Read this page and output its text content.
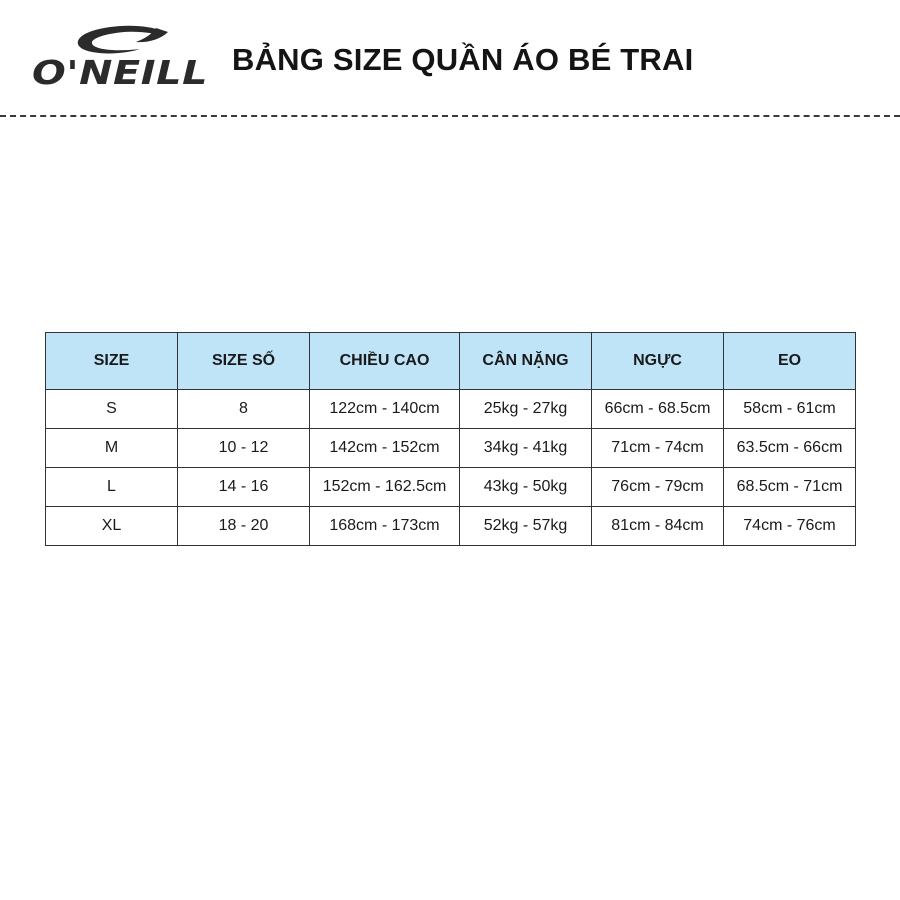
O'NEILL BẢNG SIZE QUẦN ÁO BÉ TRAI
SIZE	SIZE SỐ	CHIỀU CAO	CÂN NẶNG	NGỰC	EO
S	8	122cm - 140cm	25kg - 27kg	66cm - 68.5cm	58cm - 61cm
M	10 - 12	142cm - 152cm	34kg - 41kg	71cm - 74cm	63.5cm - 66cm
L	14 - 16	152cm - 162.5cm	43kg - 50kg	76cm - 79cm	68.5cm - 71cm
XL	18 - 20	168cm - 173cm	52kg - 57kg	81cm - 84cm	74cm - 76cm
